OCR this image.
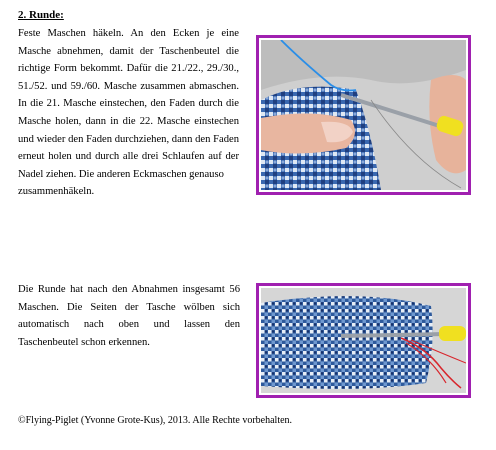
2. Runde:
Feste Maschen häkeln. An den Ecken je eine Masche abnehmen, damit der Taschenbeutel die richtige Form bekommt. Dafür die 21./22., 29./30., 51./52. und 59./60. Masche zusammen abmaschen. In die 21. Masche einstechen, den Faden durch die Masche holen, dann in die 22. Masche einstechen und wieder den Faden durchziehen, dann den Faden erneut holen und durch alle drei Schlaufen auf der Nadel ziehen. Die anderen Eckmaschen genauso
zusammenhäkeln.
Die Runde hat nach den Abnahmen insgesamt 56 Maschen. Die Seiten der Tasche wölben sich automatisch nach oben und lassen den Taschenbeutel schon erkennen.
©Flying-Piglet (Yvonne Grote-Kus), 2013. Alle Rechte vorbehalten.
